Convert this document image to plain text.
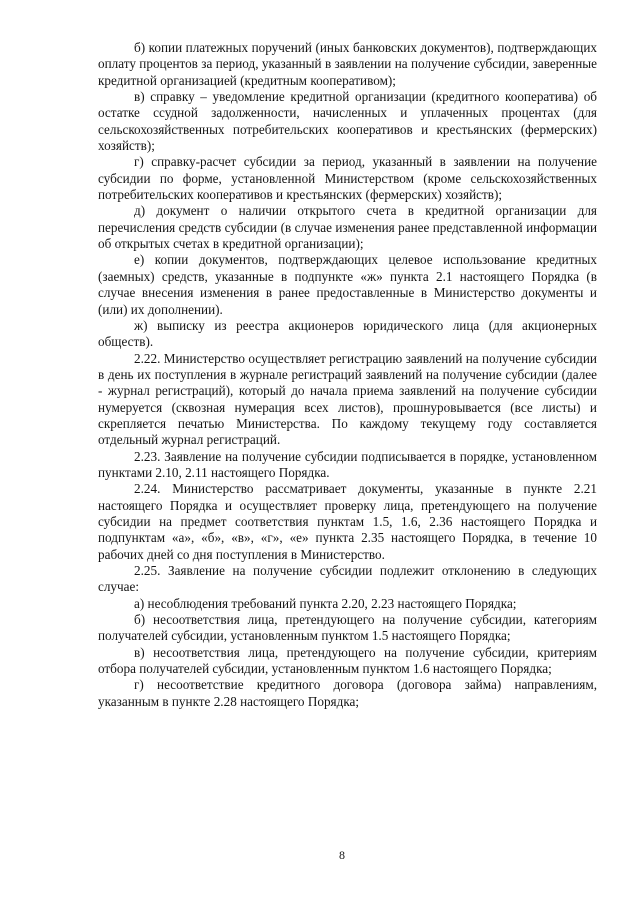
б) копии платежных поручений (иных банковских документов), подтверждающих оплату процентов за период, указанный в заявлении на получение субсидии, заверенные кредитной организацией (кредитным кооперативом);

в) справку – уведомление кредитной организации (кредитного кооператива) об остатке ссудной задолженности, начисленных и уплаченных процентах (для сельскохозяйственных потребительских кооперативов и крестьянских (фермерских) хозяйств);

г) справку-расчет субсидии за период, указанный в заявлении на получение субсидии по форме, установленной Министерством (кроме сельскохозяйственных потребительских кооперативов и крестьянских (фермерских) хозяйств);

д) документ о наличии открытого счета в кредитной организации для перечисления средств субсидии (в случае изменения ранее представленной информации об открытых счетах в кредитной организации);

е) копии документов, подтверждающих целевое использование кредитных (заемных) средств, указанные в подпункте «ж» пункта 2.1 настоящего Порядка (в случае внесения изменения в ранее предоставленные в Министерство документы и (или) их дополнении).

ж) выписку из реестра акционеров юридического лица (для акционерных обществ).

2.22. Министерство осуществляет регистрацию заявлений на получение субсидии в день их поступления в журнале регистраций заявлений на получение субсидии (далее - журнал регистраций), который до начала приема заявлений на получение субсидии нумеруется (сквозная нумерация всех листов), прошнуровывается (все листы) и скрепляется печатью Министерства. По каждому текущему году составляется отдельный журнал регистраций.

2.23. Заявление на получение субсидии подписывается в порядке, установленном пунктами 2.10, 2.11 настоящего Порядка.

2.24. Министерство рассматривает документы, указанные в пункте 2.21 настоящего Порядка и осуществляет проверку лица, претендующего на получение субсидии на предмет соответствия пунктам 1.5, 1.6, 2.36 настоящего Порядка и подпунктам «а», «б», «в», «г», «е» пункта 2.35 настоящего Порядка, в течение 10 рабочих дней со дня поступления в Министерство.

2.25. Заявление на получение субсидии подлежит отклонению в следующих случае:

а) несоблюдения требований пункта 2.20, 2.23 настоящего Порядка;

б) несоответствия лица, претендующего на получение субсидии, категориям получателей субсидии, установленным пунктом 1.5 настоящего Порядка;

в) несоответствия лица, претендующего на получение субсидии, критериям отбора получателей субсидии, установленным пунктом 1.6 настоящего Порядка;

г) несоответствие кредитного договора (договора займа) направлениям, указанным в пункте 2.28 настоящего Порядка;

8
